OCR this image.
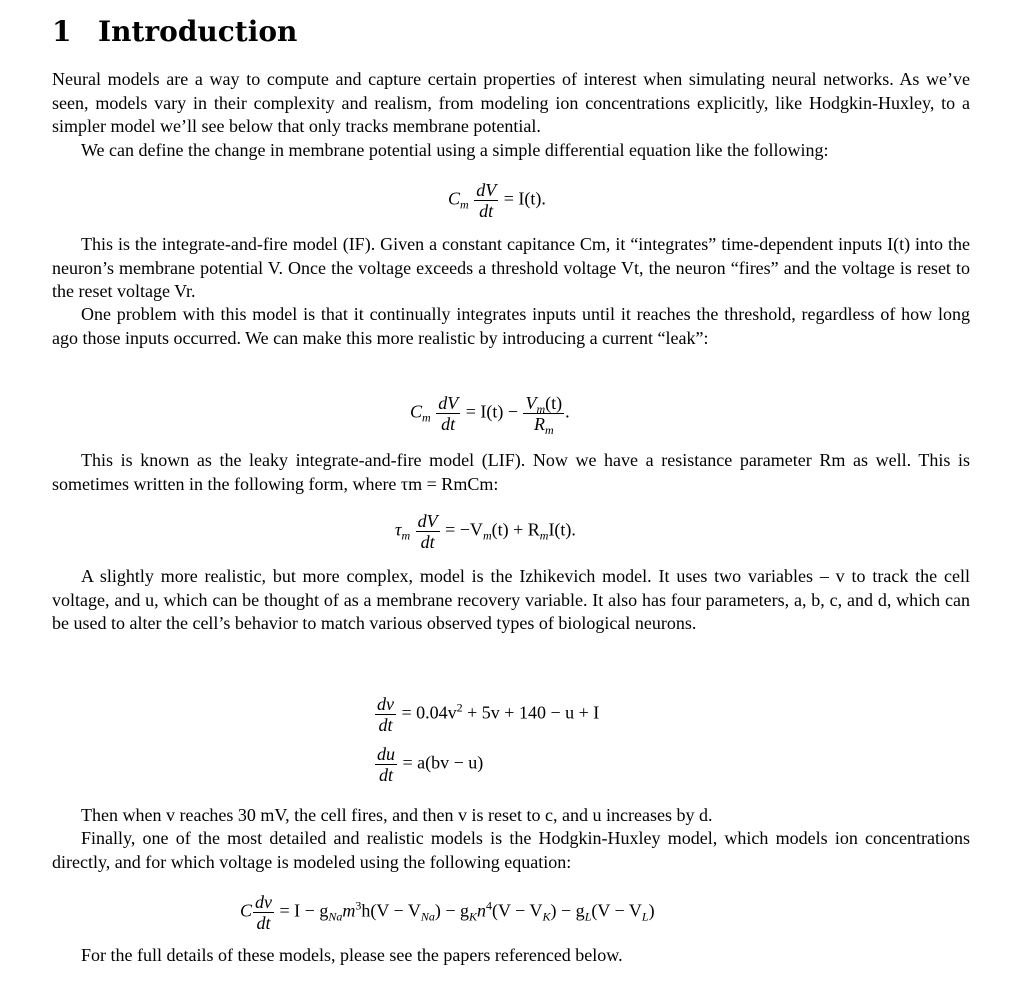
1 Introduction

Neural models are a way to compute and capture certain properties of interest when simulating neural networks. As we’ve seen, models vary in their complexity and realism, from modeling ion concentrations explicitly, like Hodgkin-Huxley, to a simpler model we’ll see below that only tracks membrane potential.

We can define the change in membrane potential using a simple differential equation like the following:

$C_m \frac{dV}{dt} = I(t)$.

This is the integrate-and-fire model (IF). Given a constant capitance Cm, it “integrates” time-dependent inputs I(t) into the neuron’s membrane potential V. Once the voltage exceeds a threshold voltage Vt, the neuron “fires” and the voltage is reset to the reset voltage Vr.

One problem with this model is that it continually integrates inputs until it reaches the threshold, regardless of how long ago those inputs occurred. We can make this more realistic by introducing a current “leak”:

$C_m \frac{dV}{dt} = I(t) - \frac{V_m(t)}{R_m}$ .

This is known as the leaky integrate-and-fire model (LIF). Now we have a resistance parameter Rm as well. This is sometimes written in the following form, where τm = RmCm:

$\tau_m \frac{dV}{dt} = -V_m(t) + R_mI(t)$.

A slightly more realistic, but more complex, model is the Izhikevich model. It uses two variables – v to track the cell voltage, and u, which can be thought of as a membrane recovery variable. It also has four parameters, a, b, c, and d, which can be used to alter the cell’s behavior to match various observed types of biological neurons.

$\frac{dv}{dt} = 0.04v^2 + 5v + 140 - u + I$
$\frac{du}{dt} = a(bv - u)$

Then when v reaches 30 mV, the cell fires, and then v is reset to c, and u increases by d.

Finally, one of the most detailed and realistic models is the Hodgkin-Huxley model, which models ion concentrations directly, and for which voltage is modeled using the following equation:

C $\frac{dv}{dt} = I - g_{Na}m^3h(V - V_{Na}) - g_Kn^4(V - V_K) - g_L(V - V_L)$

For the full details of these models, please see the papers referenced below.
